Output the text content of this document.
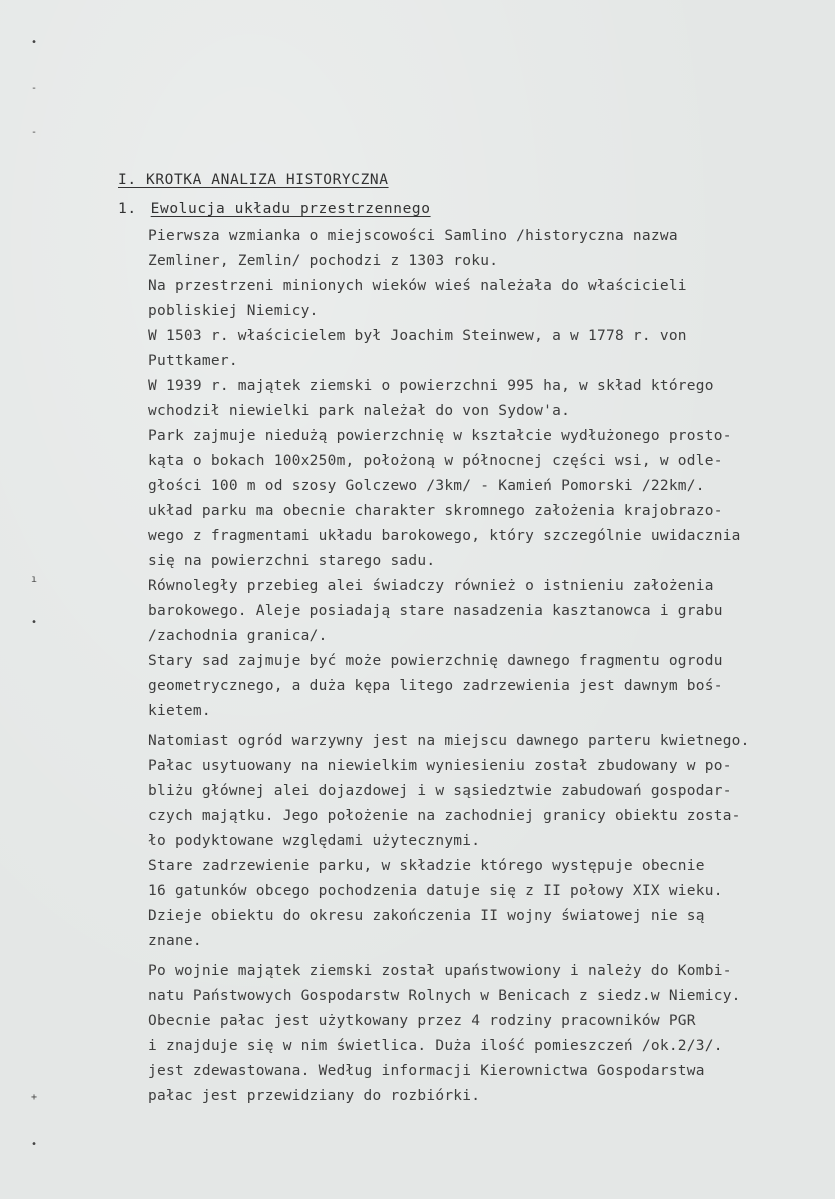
•
-
-
ı
•
+
•
I. KROTKA ANALIZA HISTORYCZNA
1. Ewolucja układu przestrzennego
Pierwsza wzmianka o miejscowości Samlino /historyczna nazwa
Zemliner, Zemlin/ pochodzi z 1303 roku.
Na przestrzeni minionych wieków wieś należała do właścicieli
pobliskiej Niemicy.
W 1503 r. właścicielem był Joachim Steinwew, a w 1778 r. von
Puttkamer.
W 1939 r. majątek ziemski o powierzchni 995 ha, w skład którego
wchodził niewielki park należał do von Sydow'a.
Park zajmuje niedużą powierzchnię w kształcie wydłużonego prosto-
kąta o bokach 100x250m, położoną w północnej części wsi, w odle-
głości 100 m od szosy Golczewo /3km/ - Kamień Pomorski /22km/.
układ parku ma obecnie charakter skromnego założenia krajobrazo-
wego z fragmentami układu barokowego, który szczególnie uwidacznia
się na powierzchni starego sadu.
Równoległy przebieg alei świadczy również o istnieniu założenia
barokowego. Aleje posiadają stare nasadzenia kasztanowca i grabu
/zachodnia granica/.
Stary sad zajmuje być może powierzchnię dawnego fragmentu ogrodu
geometrycznego, a duża kępa litego zadrzewienia jest dawnym boś-
kietem.
Natomiast ogród warzywny jest na miejscu dawnego parteru kwietnego.
Pałac usytuowany na niewielkim wyniesieniu został zbudowany w po-
bliżu głównej alei dojazdowej i w sąsiedztwie zabudowań gospodar-
czych majątku. Jego położenie na zachodniej granicy obiektu zosta-
ło podyktowane względami użytecznymi.
Stare zadrzewienie parku, w składzie którego występuje obecnie
16 gatunków obcego pochodzenia datuje się z II połowy XIX wieku.
Dzieje obiektu do okresu zakończenia II wojny światowej nie są
znane.
Po wojnie majątek ziemski został upaństwowiony i należy do Kombi-
natu Państwowych Gospodarstw Rolnych w Benicach z siedz.w Niemicy.
Obecnie pałac jest użytkowany przez 4 rodziny pracowników PGR
i znajduje się w nim świetlica. Duża ilość pomieszczeń /ok.2/3/.
jest zdewastowana. Według informacji Kierownictwa Gospodarstwa
pałac jest przewidziany do rozbiórki.
